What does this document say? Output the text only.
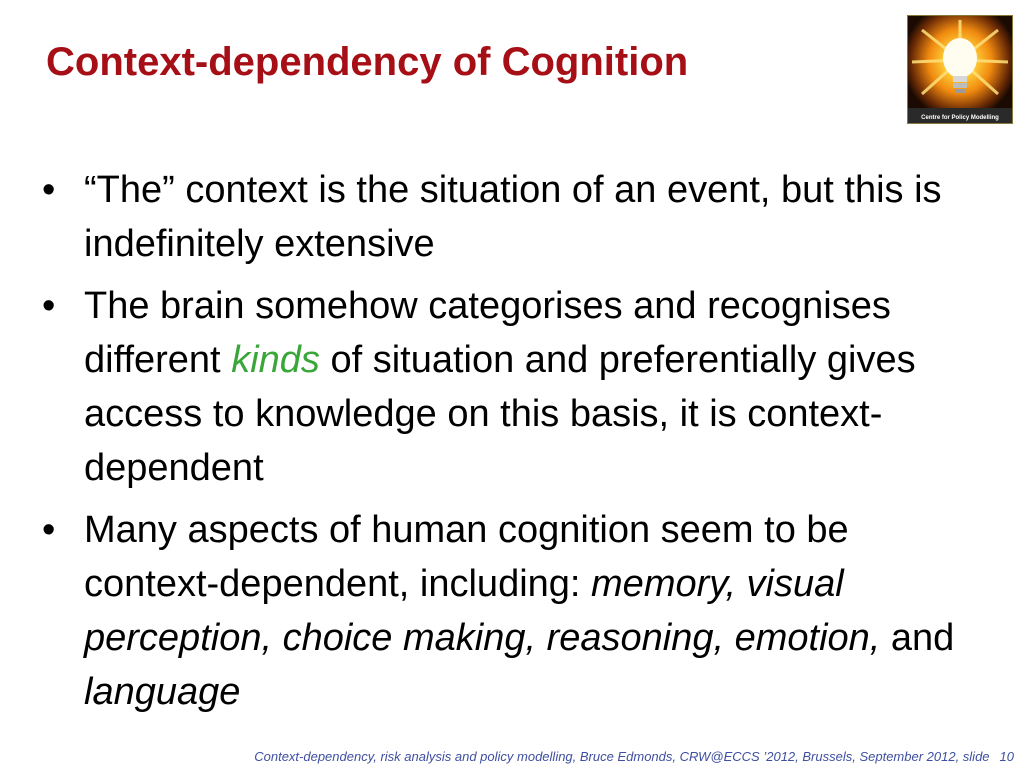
Context-dependency of Cognition
Centre for Policy Modelling
• “The” context is the situation of an event, but this is indefinitely extensive
• The brain somehow categorises and recognises different kinds of situation and preferentially gives access to knowledge on this basis, it is context-dependent
• Many aspects of human cognition seem to be context-dependent, including: memory, visual perception, choice making, reasoning, emotion, and language
Context-dependency, risk analysis and policy modelling, Bruce Edmonds, CRW@ECCS ’2012, Brussels, September 2012, slide 10
